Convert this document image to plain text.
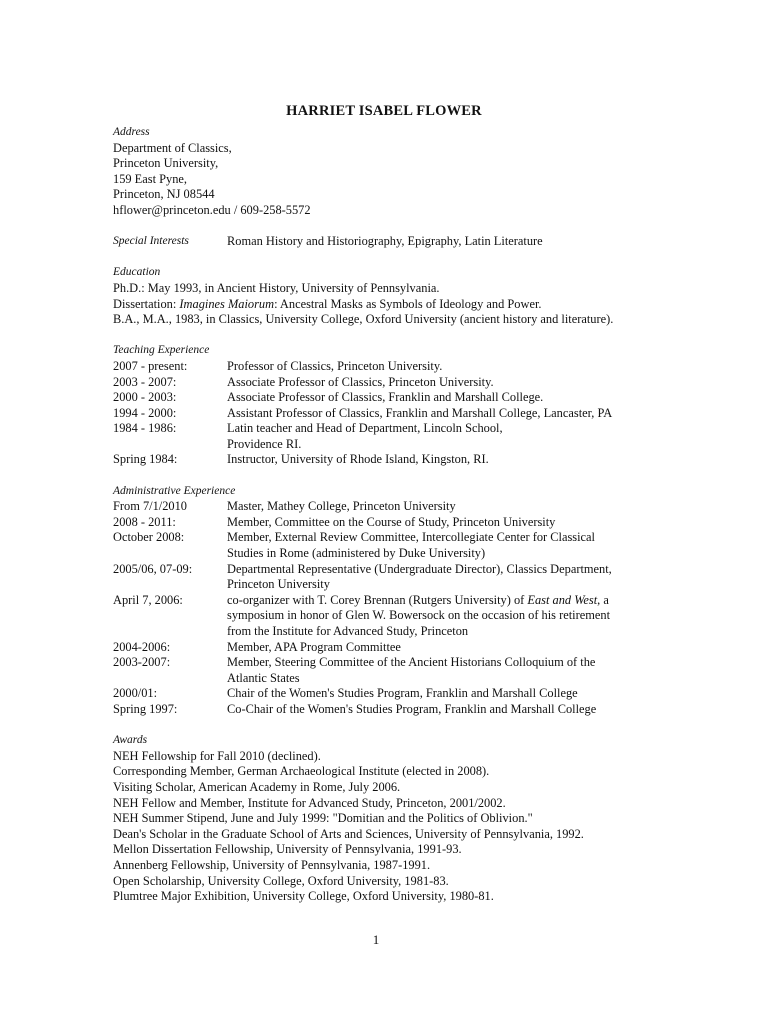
HARRIET ISABEL FLOWER
Address
Department of Classics,
Princeton University,
159 East Pyne,
Princeton, NJ 08544
hflower@princeton.edu / 609-258-5572
Special Interests	Roman History and Historiography, Epigraphy, Latin Literature
Education
Ph.D.: May 1993, in Ancient History, University of Pennsylvania.
Dissertation: Imagines Maiorum: Ancestral Masks as Symbols of Ideology and Power.
B.A., M.A., 1983, in Classics, University College, Oxford University (ancient history and literature).
Teaching Experience
2007 - present:	Professor of Classics, Princeton University.
2003 - 2007:	Associate Professor of Classics, Princeton University.
2000 - 2003:	Associate Professor of Classics, Franklin and Marshall College.
1994 - 2000:	Assistant Professor of Classics, Franklin and Marshall College, Lancaster, PA
1984 - 1986:	Latin teacher and Head of Department, Lincoln School,
Providence RI.
Spring 1984:	Instructor, University of Rhode Island, Kingston, RI.
Administrative Experience
From 7/1/2010	Master, Mathey College, Princeton University
2008 - 2011:	Member, Committee on the Course of Study, Princeton University
October 2008:	Member, External Review Committee, Intercollegiate Center for Classical
Studies in Rome (administered by Duke University)
2005/06, 07-09:	Departmental Representative (Undergraduate Director), Classics Department,
Princeton University
April 7, 2006:	co-organizer with T. Corey Brennan (Rutgers University) of East and West, a
symposium in honor of Glen W. Bowersock on the occasion of his retirement
from the Institute for Advanced Study, Princeton
2004-2006:	Member, APA Program Committee
2003-2007:	Member, Steering Committee of the Ancient Historians Colloquium of the
Atlantic States
2000/01:	Chair of the Women's Studies Program, Franklin and Marshall College
Spring 1997:	Co-Chair of the Women's Studies Program, Franklin and Marshall College
Awards
NEH Fellowship for Fall 2010 (declined).
Corresponding Member, German Archaeological Institute (elected in 2008).
Visiting Scholar, American Academy in Rome, July 2006.
NEH Fellow and Member, Institute for Advanced Study, Princeton, 2001/2002.
NEH Summer Stipend, June and July 1999: "Domitian and the Politics of Oblivion."
Dean's Scholar in the Graduate School of Arts and Sciences, University of Pennsylvania, 1992.
Mellon Dissertation Fellowship, University of Pennsylvania, 1991-93.
Annenberg Fellowship, University of Pennsylvania, 1987-1991.
Open Scholarship, University College, Oxford University, 1981-83.
Plumtree Major Exhibition, University College, Oxford University, 1980-81.
1
